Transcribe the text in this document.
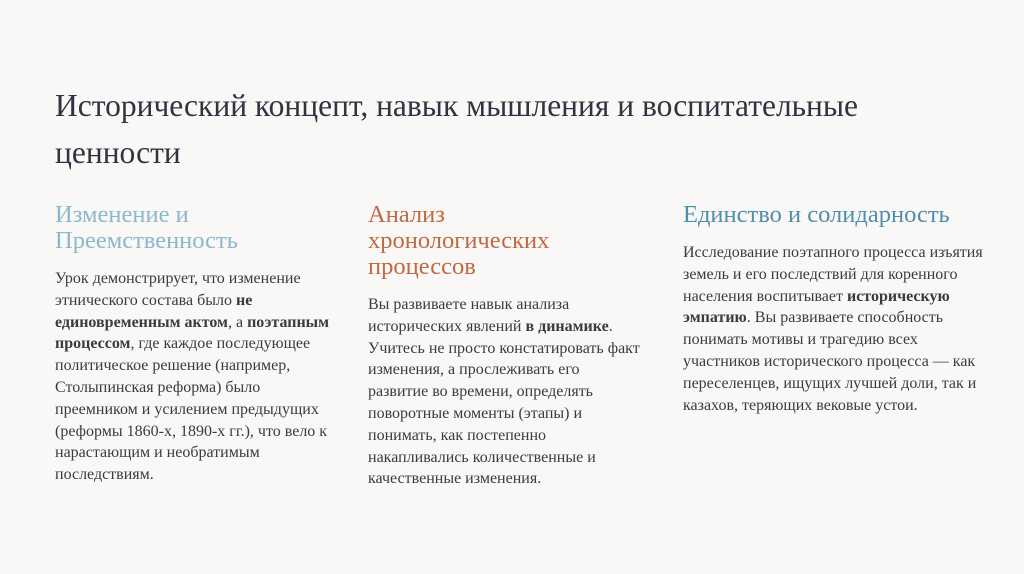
Исторический концепт, навык мышления и воспитательные ценности
Изменение и
Преемственность

Урок демонстрирует, что изменение этнического состава было не единовременным актом, а поэтапным процессом, где каждое последующее политическое решение (например, Столыпинская реформа) было преемником и усилением предыдущих (реформы 1860-х, 1890-х гг.), что вело к нарастающим и необратимым последствиям.

Анализ
хронологических
процессов

Вы развиваете навык анализа исторических явлений в динамике. Учитесь не просто констатировать факт изменения, а прослеживать его развитие во времени, определять поворотные моменты (этапы) и понимать, как постепенно накапливались количественные и качественные изменения.

Единство и солидарность

Исследование поэтапного процесса изъятия земель и его последствий для коренного населения воспитывает историческую эмпатию. Вы развиваете способность понимать мотивы и трагедию всех участников исторического процесса — как переселенцев, ищущих лучшей доли, так и казахов, теряющих вековые устои.
